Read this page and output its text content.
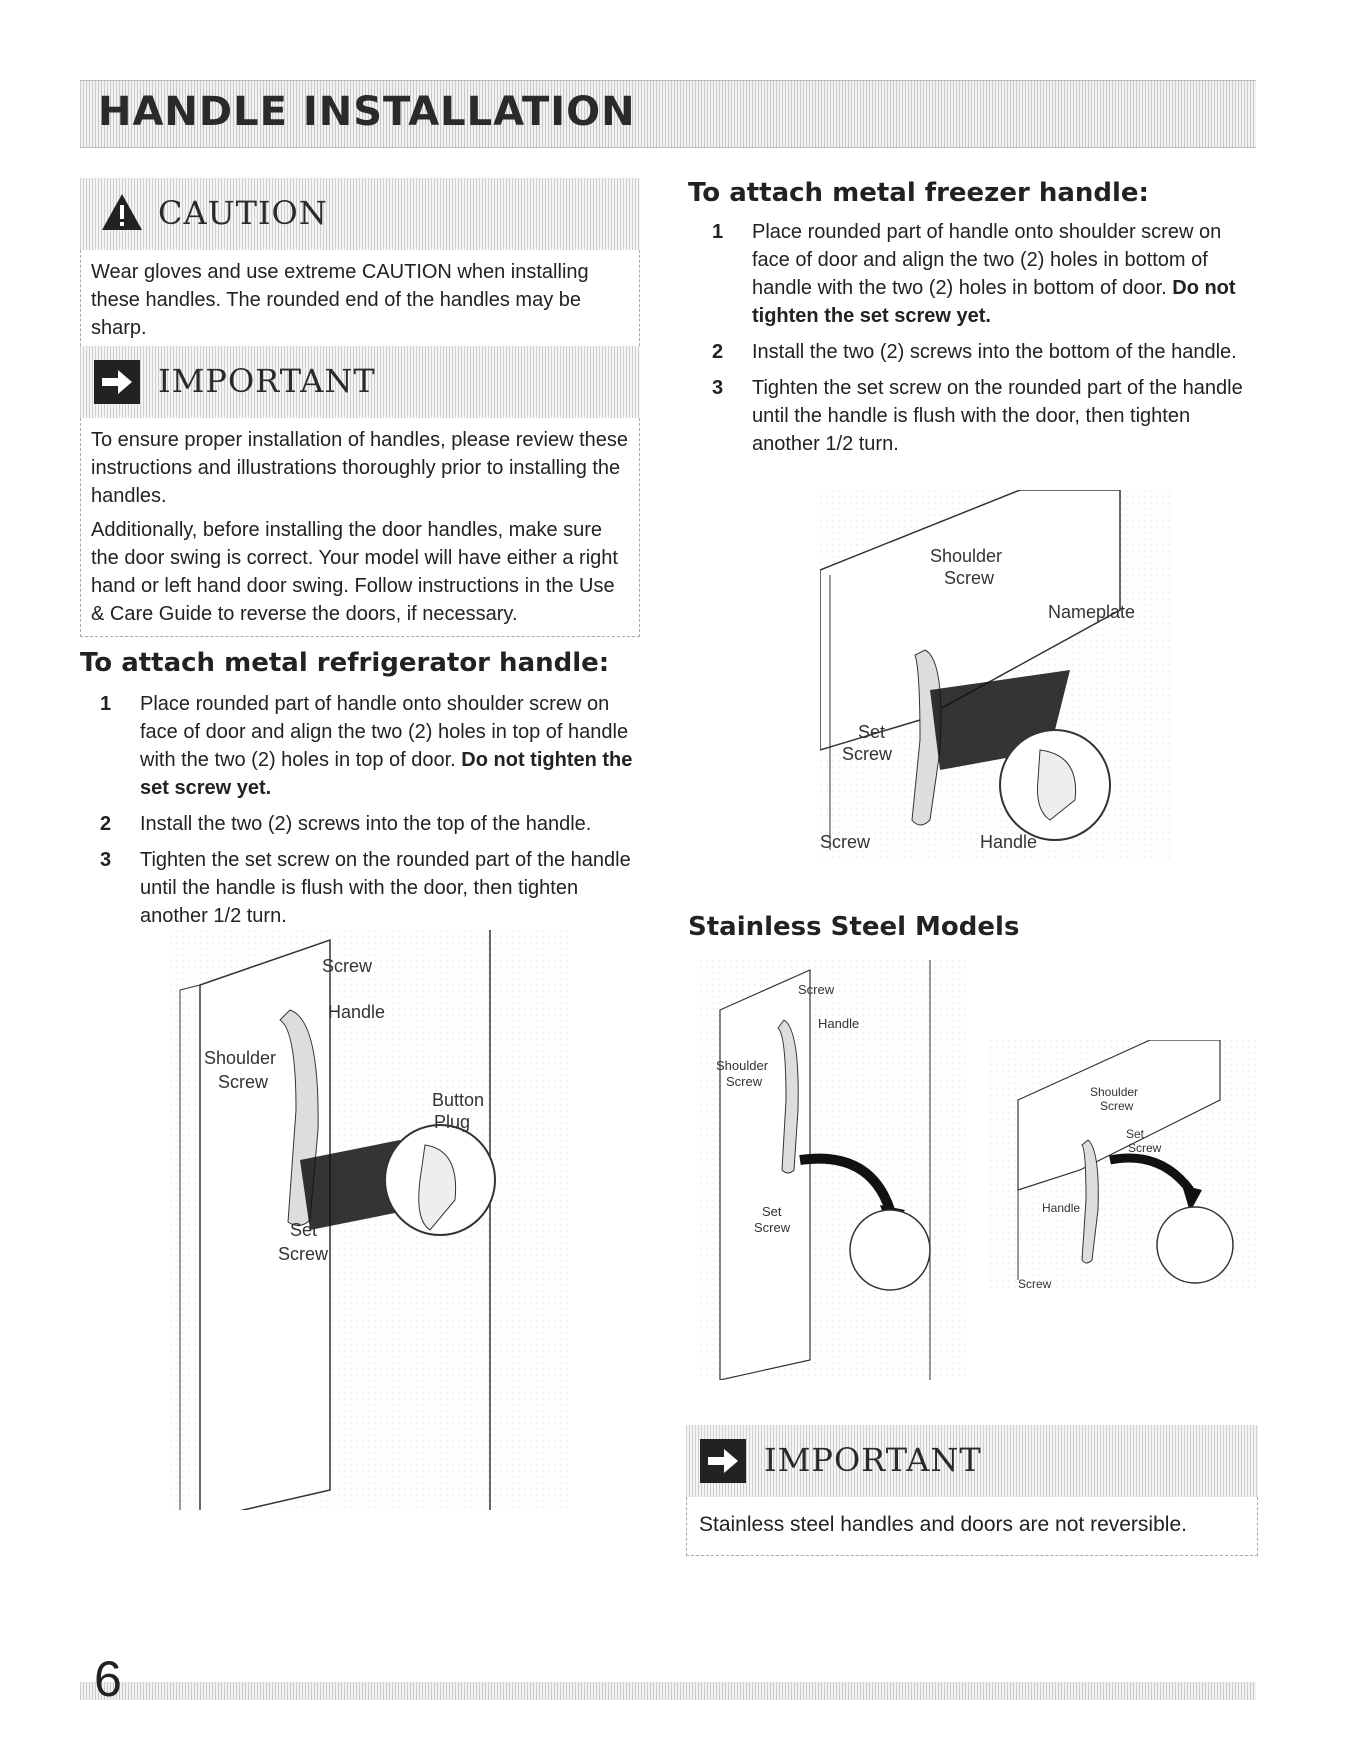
HANDLE INSTALLATION
CAUTION

Wear gloves and use extreme CAUTION when installing these handles. The rounded end of the handles may be sharp.

IMPORTANT

To ensure proper installation of handles, please review these instructions and illustrations thoroughly prior to installing the handles.

Additionally, before installing the door handles, make sure the door swing is correct. Your model will have either a right hand or left hand door swing. Follow instructions in the Use & Care Guide to reverse the doors, if necessary.

To attach metal refrigerator handle:
1	Place rounded part of handle onto shoulder screw on face of door and align the two (2) holes in top of handle with the two (2) holes in top of door. Do not tighten the set screw yet.
2	Install the two (2) screws into the top of the handle.
3	Tighten the set screw on the rounded part of the handle until the handle is flush with the door, then tighten another 1/2 turn.
Screw
Handle
Shoulder
Screw
Button
Plug
Set
Screw
To attach metal freezer handle:
1	Place rounded part of handle onto shoulder screw on face of door and align the two (2) holes in bottom of handle with the two (2) holes in bottom of door. Do not tighten the set screw yet.
2	Install the two (2) screws into the bottom of the handle.
3	Tighten the set screw on the rounded part of the handle until the handle is flush with the door, then tighten another 1/2 turn.
Shoulder
Screw
Nameplate
Set
Screw
Screw	Handle
Stainless Steel Models
Screw
Handle
Shoulder
Screw
Set
Screw
Shoulder
Screw
Set
Screw
Handle
Screw
IMPORTANT

Stainless steel handles and doors are not reversible.

6
